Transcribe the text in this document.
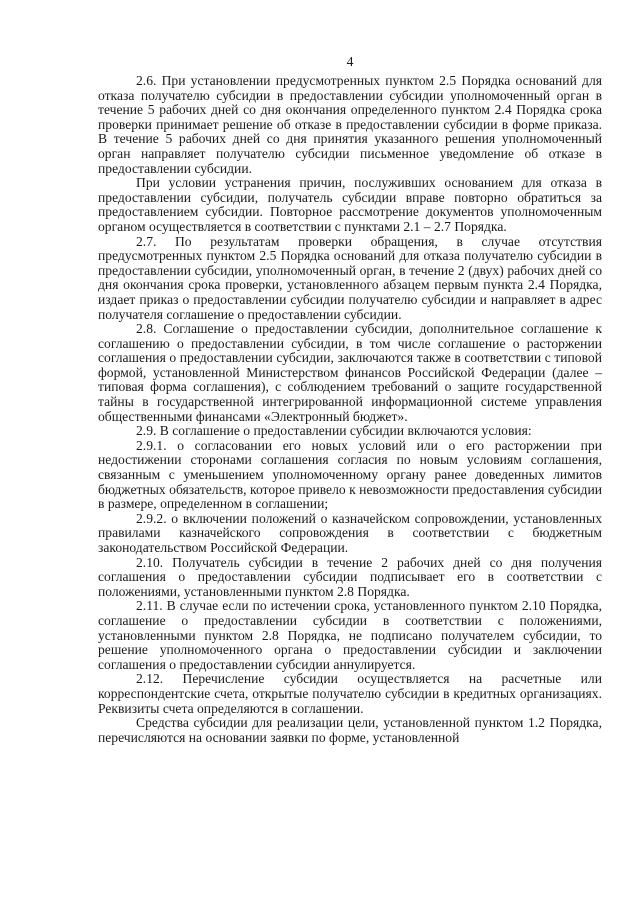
4

2.6. При установлении предусмотренных пунктом 2.5 Порядка оснований для отказа получателю субсидии в предоставлении субсидии уполномоченный орган в течение 5 рабочих дней со дня окончания определенного пунктом 2.4 Порядка срока проверки принимает решение об отказе в предоставлении субсидии в форме приказа. В течение 5 рабочих дней со дня принятия указанного решения уполномоченный орган направляет получателю субсидии письменное уведомление об отказе в предоставлении субсидии.

При условии устранения причин, послуживших основанием для отказа в предоставлении субсидии, получатель субсидии вправе повторно обратиться за предоставлением субсидии. Повторное рассмотрение документов уполномоченным органом осуществляется в соответствии с пунктами 2.1 – 2.7 Порядка.

2.7. По результатам проверки обращения, в случае отсутствия предусмотренных пунктом 2.5 Порядка оснований для отказа получателю субсидии в предоставлении субсидии, уполномоченный орган, в течение 2 (двух) рабочих дней со дня окончания срока проверки, установленного абзацем первым пункта 2.4 Порядка, издает приказ о предоставлении субсидии получателю субсидии и направляет в адрес получателя соглашение о предоставлении субсидии.

2.8. Соглашение о предоставлении субсидии, дополнительное соглашение к соглашению о предоставлении субсидии, в том числе соглашение о расторжении соглашения о предоставлении субсидии, заключаются также в соответствии с типовой формой, установленной Министерством финансов Российской Федерации (далее – типовая форма соглашения), с соблюдением требований о защите государственной тайны в государственной интегрированной информационной системе управления общественными финансами «Электронный бюджет».

2.9. В соглашение о предоставлении субсидии включаются условия:

2.9.1. о согласовании его новых условий или о его расторжении при недостижении сторонами соглашения согласия по новым условиям соглашения, связанным с уменьшением уполномоченному органу ранее доведенных лимитов бюджетных обязательств, которое привело к невозможности предоставления субсидии в размере, определенном в соглашении;

2.9.2. о включении положений о казначейском сопровождении, установленных правилами казначейского сопровождения в соответствии с бюджетным законодательством Российской Федерации.

2.10. Получатель субсидии в течение 2 рабочих дней со дня получения соглашения о предоставлении субсидии подписывает его в соответствии с положениями, установленными пунктом 2.8 Порядка.

2.11. В случае если по истечении срока, установленного пунктом 2.10 Порядка, соглашение о предоставлении субсидии в соответствии с положениями, установленными пунктом 2.8 Порядка, не подписано получателем субсидии, то решение уполномоченного органа о предоставлении субсидии и заключении соглашения о предоставлении субсидии аннулируется.

2.12. Перечисление субсидии осуществляется на расчетные или корреспондентские счета, открытые получателю субсидии в кредитных организациях. Реквизиты счета определяются в соглашении.

Средства субсидии для реализации цели, установленной пунктом 1.2 Порядка, перечисляются на основании заявки по форме, установленной
